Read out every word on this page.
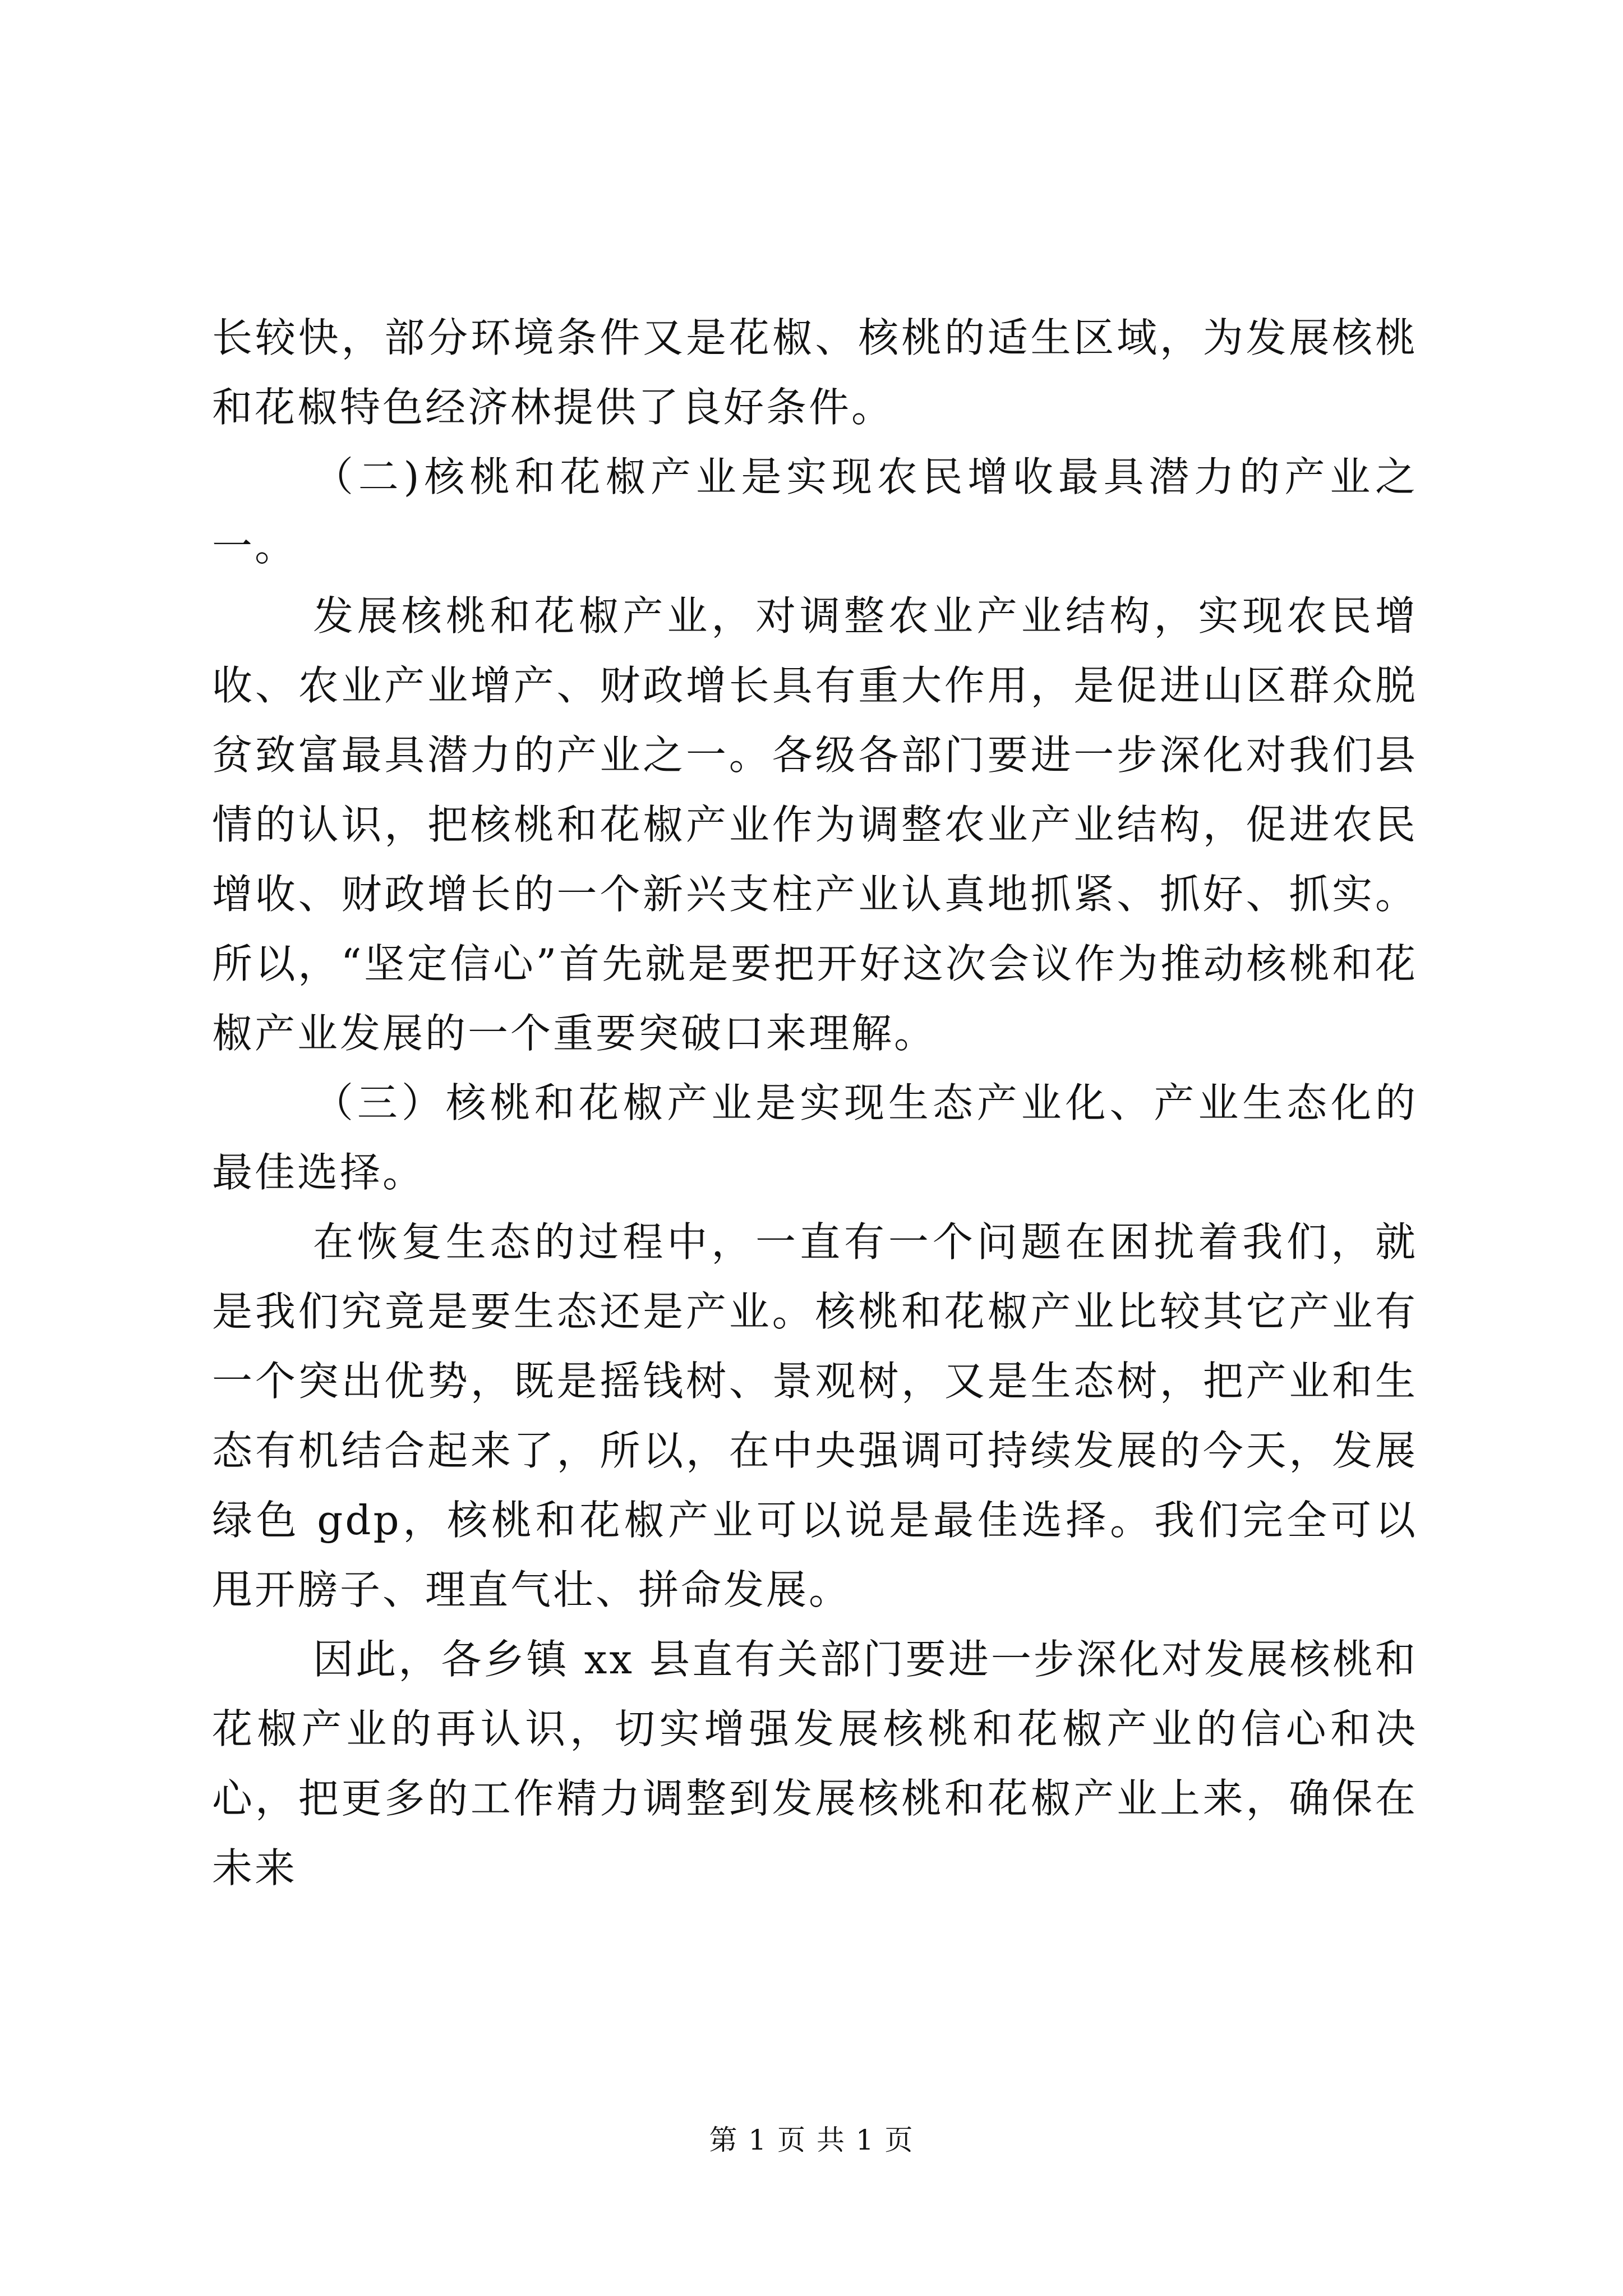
长较快，部分环境条件又是花椒、核桃的适生区域，为发展核桃和花椒特色经济林提供了良好条件。

（二)核桃和花椒产业是实现农民增收最具潜力的产业之一。

发展核桃和花椒产业，对调整农业产业结构，实现农民增收、农业产业增产、财政增长具有重大作用，是促进山区群众脱贫致富最具潜力的产业之一。各级各部门要进一步深化对我们县情的认识，把核桃和花椒产业作为调整农业产业结构，促进农民增收、财政增长的一个新兴支柱产业认真地抓紧、抓好、抓实。所以，“坚定信心”首先就是要把开好这次会议作为推动核桃和花椒产业发展的一个重要突破口来理解。

（三）核桃和花椒产业是实现生态产业化、产业生态化的最佳选择。

在恢复生态的过程中，一直有一个问题在困扰着我们，就是我们究竟是要生态还是产业。核桃和花椒产业比较其它产业有一个突出优势，既是摇钱树、景观树，又是生态树，把产业和生态有机结合起来了，所以，在中央强调可持续发展的今天，发展绿色 gdp，核桃和花椒产业可以说是最佳选择。我们完全可以甩开膀子、理直气壮、拼命发展。

因此，各乡镇 xx 县直有关部门要进一步深化对发展核桃和花椒产业的再认识，切实增强发展核桃和花椒产业的信心和决心，把更多的工作精力调整到发展核桃和花椒产业上来，确保在未来

第 1 页 共 1 页
